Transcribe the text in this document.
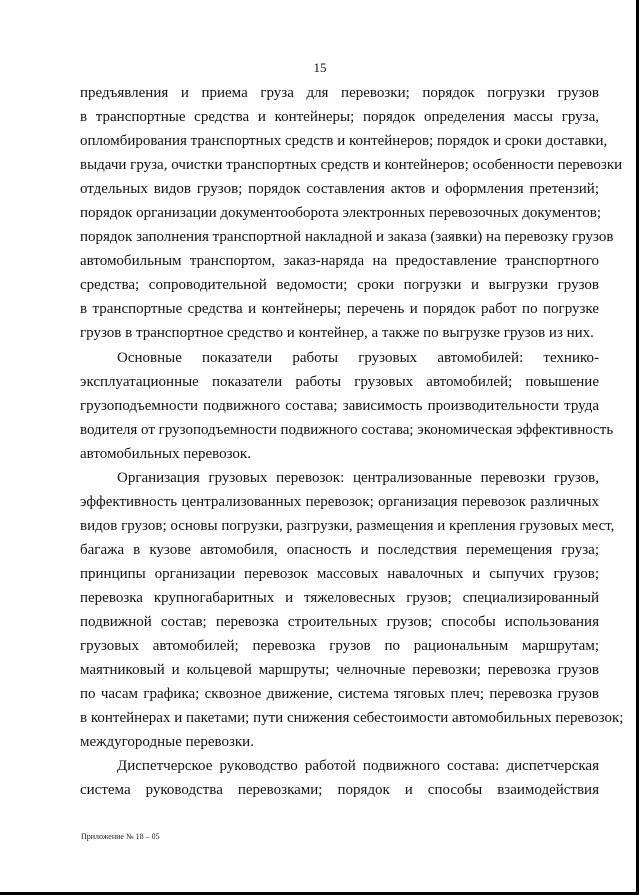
15
предъявления и приема груза для перевозки; порядок погрузки грузов
в транспортные средства и контейнеры; порядок определения массы груза,
опломбирования транспортных средств и контейнеров; порядок и сроки доставки,
выдачи груза, очистки транспортных средств и контейнеров; особенности перевозки
отдельных видов грузов; порядок составления актов и оформления претензий;
порядок организации документооборота электронных перевозочных документов;
порядок заполнения транспортной накладной и заказа (заявки) на перевозку грузов
автомобильным транспортом, заказ-наряда на предоставление транспортного
средства; сопроводительной ведомости; сроки погрузки и выгрузки грузов
в транспортные средства и контейнеры; перечень и порядок работ по погрузке
грузов в транспортное средство и контейнер, а также по выгрузке грузов из них.
Основные показатели работы грузовых автомобилей: технико-
эксплуатационные показатели работы грузовых автомобилей; повышение
грузоподъемности подвижного состава; зависимость производительности труда
водителя от грузоподъемности подвижного состава; экономическая эффективность
автомобильных перевозок.
Организация грузовых перевозок: централизованные перевозки грузов,
эффективность централизованных перевозок; организация перевозок различных
видов грузов; основы погрузки, разгрузки, размещения и крепления грузовых мест,
багажа в кузове автомобиля, опасность и последствия перемещения груза;
принципы организации перевозок массовых навалочных и сыпучих грузов;
перевозка крупногабаритных и тяжеловесных грузов; специализированный
подвижной состав; перевозка строительных грузов; способы использования
грузовых автомобилей; перевозка грузов по рациональным маршрутам;
маятниковый и кольцевой маршруты; челночные перевозки; перевозка грузов
по часам графика; сквозное движение, система тяговых плеч; перевозка грузов
в контейнерах и пакетами; пути снижения себестоимости автомобильных перевозок;
междугородные перевозки.
Диспетчерское руководство работой подвижного состава: диспетчерская
система руководства перевозками; порядок и способы взаимодействия
Приложение № 18 – 05
